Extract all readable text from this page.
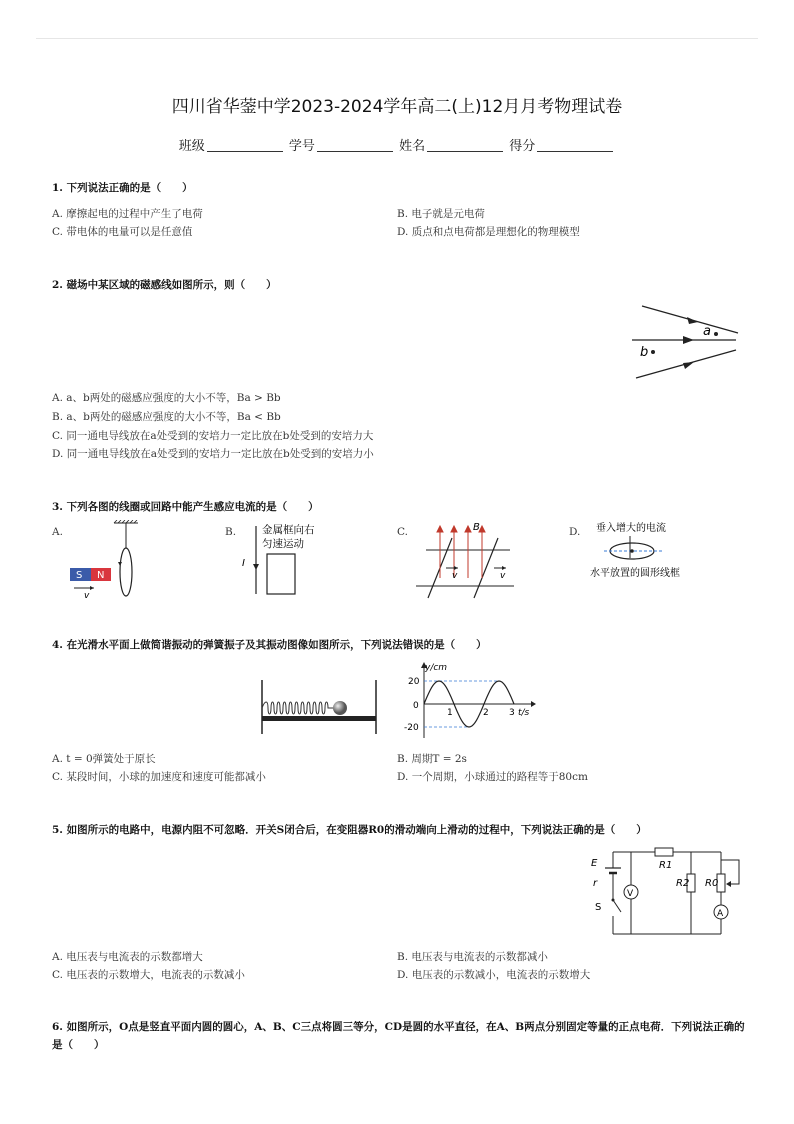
四川省华蓥中学2023-2024学年高二(上)12月月考物理试卷
班级	学号	姓名	得分
1. 下列说法正确的是（　　）
A. 摩擦起电的过程中产生了电荷	B. 电子就是元电荷
C. 带电体的电量可以是任意值	D. 质点和点电荷都是理想化的物理模型
2. 磁场中某区域的磁感线如图所示，则（　　）
a
b
A. a、b两处的磁感应强度的大小不等，Ba > Bb
B. a、b两处的磁感应强度的大小不等，Ba < Bb
C. 同一通电导线放在a处受到的安培力一定比放在b处受到的安培力大
D. 同一通电导线放在a处受到的安培力一定比放在b处受到的安培力小
3. 下列各图的线圈或回路中能产生感应电流的是（　　）
A.	B.	C.	D.
S N
v
金属框向右
匀速运动
I
B
v	v
垂入增大的电流
水平放置的圆形线框
4. 在光滑水平面上做简谐振动的弹簧振子及其振动图像如图所示，下列说法错误的是（　　）
y/cm
t/s
20
0
-20
1	2 3
A. t = 0弹簧处于原长	B. 周期T = 2s
C. 某段时间，小球的加速度和速度可能都减小	D. 一个周期，小球通过的路程等于80cm
5. 如图所示的电路中，电源内阻不可忽略．开关S闭合后，在变阻器R0的滑动端向上滑动的过程中，下列说法正确的是（　　）
R1
R2 R0
A
E
r
S
V
A. 电压表与电流表的示数都增大	B. 电压表与电流表的示数都减小
C. 电压表的示数增大，电流表的示数减小	D. 电压表的示数减小，电流表的示数增大
6. 如图所示，O点是竖直平面内圆的圆心，A、B、C三点将圆三等分，CD是圆的水平直径，在A、B两点分别固定等量的正点电荷．下列说法正确的是（　　）
